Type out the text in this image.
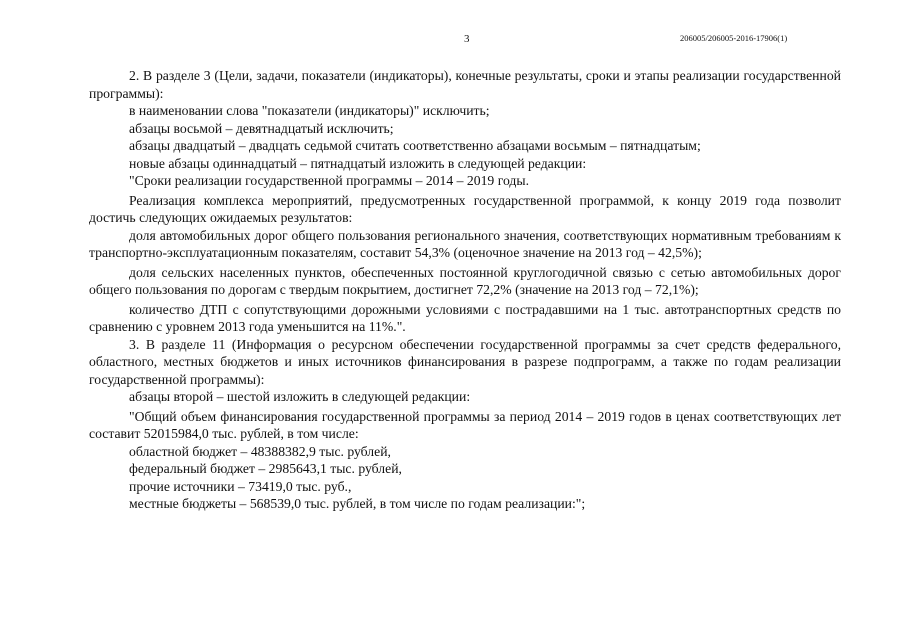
3	206005/206005-2016-17906(1)

2. В разделе 3 (Цели, задачи, показатели (индикаторы), конечные результаты, сроки и этапы реализации государственной программы):

в наименовании слова "показатели (индикаторы)" исключить;

абзацы восьмой – девятнадцатый исключить;

абзацы двадцатый – двадцать седьмой считать соответственно абзацами восьмым – пятнадцатым;

новые абзацы одиннадцатый – пятнадцатый изложить в следующей редакции:

"Сроки реализации государственной программы – 2014 – 2019 годы.

Реализация комплекса мероприятий, предусмотренных государственной программой, к концу 2019 года позволит достичь следующих ожидаемых результатов:

доля автомобильных дорог общего пользования регионального значения, соответствующих нормативным требованиям к транспортно-эксплуатационным показателям, составит 54,3% (оценочное значение на 2013 год – 42,5%);

доля сельских населенных пунктов, обеспеченных постоянной круглогодичной связью с сетью автомобильных дорог общего пользования по дорогам с твердым покрытием, достигнет 72,2% (значение на 2013 год – 72,1%);

количество ДТП с сопутствующими дорожными условиями с пострадавшими на 1 тыс. автотранспортных средств по сравнению с уровнем 2013 года уменьшится на 11%.".

3. В разделе 11 (Информация о ресурсном обеспечении государственной программы за счет средств федерального, областного, местных бюджетов и иных источников финансирования в разрезе подпрограмм, а также по годам реализации государственной программы):

абзацы второй – шестой изложить в следующей редакции:

"Общий объем финансирования государственной программы за период 2014 – 2019 годов в ценах соответствующих лет составит 52015984,0 тыс. рублей, в том числе:

областной бюджет – 48388382,9 тыс. рублей,

федеральный бюджет – 2985643,1 тыс. рублей,

прочие источники – 73419,0 тыс. руб.,

местные бюджеты – 568539,0 тыс. рублей, в том числе по годам реализации:";
